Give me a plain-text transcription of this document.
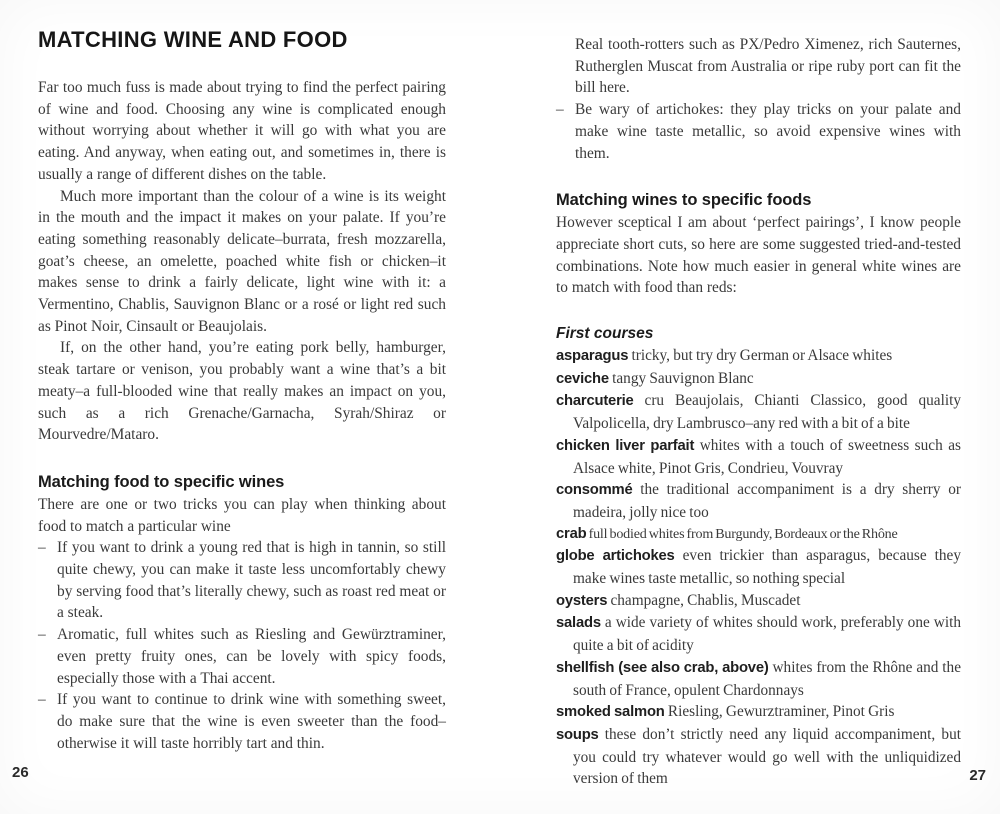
MATCHING WINE AND FOOD

Far too much fuss is made about trying to find the perfect pairing of wine and food. Choosing any wine is complicated enough without worrying about whether it will go with what you are eating. And anyway, when eating out, and sometimes in, there is usually a range of different dishes on the table.

Much more important than the colour of a wine is its weight in the mouth and the impact it makes on your palate. If you’re eating something reasonably delicate–burrata, fresh mozzarella, goat’s cheese, an omelette, poached white fish or chicken–it makes sense to drink a fairly delicate, light wine with it: a Vermentino, Chablis, Sauvignon Blanc or a rosé or light red such as Pinot Noir, Cinsault or Beaujolais.

If, on the other hand, you’re eating pork belly, hamburger, steak tartare or venison, you probably want a wine that’s a bit meaty–a full-blooded wine that really makes an impact on you, such as a rich Grenache/Garnacha, Syrah/Shiraz or Mourvedre/Mataro.

Matching food to specific wines

There are one or two tricks you can play when thinking about food to match a particular wine

– If you want to drink a young red that is high in tannin, so still quite chewy, you can make it taste less uncomfortably chewy by serving food that’s literally chewy, such as roast red meat or a steak.
– Aromatic, full whites such as Riesling and Gewürztraminer, even pretty fruity ones, can be lovely with spicy foods, especially those with a Thai accent.
– If you want to continue to drink wine with something sweet, do make sure that the wine is even sweeter than the food–otherwise it will taste horribly tart and thin.

Real tooth-rotters such as PX/Pedro Ximenez, rich Sauternes, Rutherglen Muscat from Australia or ripe ruby port can fit the bill here.

– Be wary of artichokes: they play tricks on your palate and make wine taste metallic, so avoid expensive wines with them.
Matching wines to specific foods

However sceptical I am about ‘perfect pairings’, I know people appreciate short cuts, so here are some suggested tried-and-tested combinations. Note how much easier in general white wines are to match with food than reds:

First courses

asparagus tricky, but try dry German or Alsace whites

ceviche tangy Sauvignon Blanc

charcuterie cru Beaujolais, Chianti Classico, good quality Valpolicella, dry Lambrusco–any red with a bit of a bite

chicken liver parfait whites with a touch of sweetness such as Alsace white, Pinot Gris, Condrieu, Vouvray

consommé the traditional accompaniment is a dry sherry or madeira, jolly nice too

crab full bodied whites from Burgundy, Bordeaux or the Rhône

globe artichokes even trickier than asparagus, because they make wines taste metallic, so nothing special

oysters champagne, Chablis, Muscadet

salads a wide variety of whites should work, preferably one with quite a bit of acidity

shellfish (see also crab, above) whites from the Rhône and the south of France, opulent Chardonnays

smoked salmon Riesling, Gewurztraminer, Pinot Gris

soups these don’t strictly need any liquid accompaniment, but you could try whatever would go well with the unliquidized version of them

26	27
